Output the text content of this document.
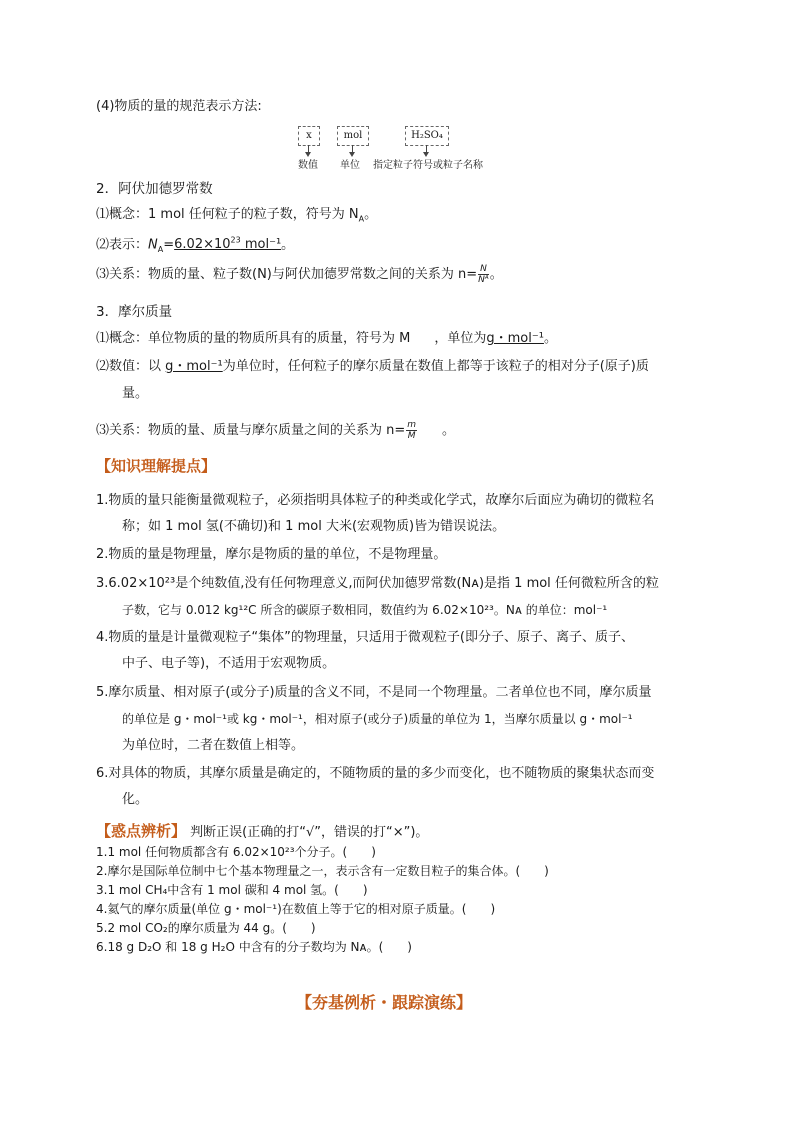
(4)物质的量的规范表示方法:
x	mol	H₂SO₄
数值 单位 指定粒子符号或粒子名称
2．阿伏加德罗常数
⑴概念：1 mol 任何粒子的粒子数，符号为 $N_A$。
⑵表示：$N_A=6.02\times 10^{23}$ mol⁻¹。
⑶关系：物质的量、粒子数(N)与阿伏加德罗常数之间的关系为 $n= \frac{N}{\text{Nᴬ}}$ 。
3．摩尔质量
⑴概念：单位物质的量的物质所具有的质量，符号为 M ，单位为g・mol⁻¹。
⑵数值：以 g・mol⁻¹为单位时，任何粒子的摩尔质量在数值上都等于该粒子的相对分子(原子)质
量。
⑶关系：物质的量、质量与摩尔质量之间的关系为 $n= \frac{m}{M}$ 。
【知识理解提点】
1.物质的量只能衡量微观粒子，必须指明具体粒子的种类或化学式，故摩尔后面应为确切的微粒名
称；如 1 mol 氢(不确切)和 1 mol 大米(宏观物质)皆为错误说法。
2.物质的量是物理量，摩尔是物质的量的单位，不是物理量。
3.6.02×10²³是个纯数值,没有任何物理意义,而阿伏加德罗常数(Nᴀ)是指 1 mol 任何微粒所含的粒
子数，它与 0.012 kg¹²C 所含的碳原子数相同，数值约为 6.02×10²³。Nᴀ 的单位：mol⁻¹
4.物质的量是计量微观粒子“集体”的物理量，只适用于微观粒子(即分子、原子、离子、质子、
中子、电子等)，不适用于宏观物质。
5.摩尔质量、相对原子(或分子)质量的含义不同，不是同一个物理量。二者单位也不同，摩尔质量
的单位是 g・mol⁻¹或 kg・mol⁻¹，相对原子(或分子)质量的单位为 1，当摩尔质量以 g・mol⁻¹
为单位时，二者在数值上相等。
6.对具体的物质，其摩尔质量是确定的，不随物质的量的多少而变化，也不随物质的聚集状态而变
化。
【惑点辨析】 判断正误(正确的打“√”，错误的打“×”)。
1.1 mol 任何物质都含有 6.02×10²³个分子。(　　)
2.摩尔是国际单位制中七个基本物理量之一，表示含有一定数目粒子的集合体。(　　)
3.1 mol CH₄中含有 1 mol 碳和 4 mol 氢。(　　)
4.氦气的摩尔质量(单位 g・mol⁻¹)在数值上等于它的相对原子质量。(　　)
5.2 mol CO₂的摩尔质量为 44 g。(　　)
6.18 g D₂O 和 18 g H₂O 中含有的分子数均为 Nᴀ。(　　)
【夯基例析・跟踪演练】
